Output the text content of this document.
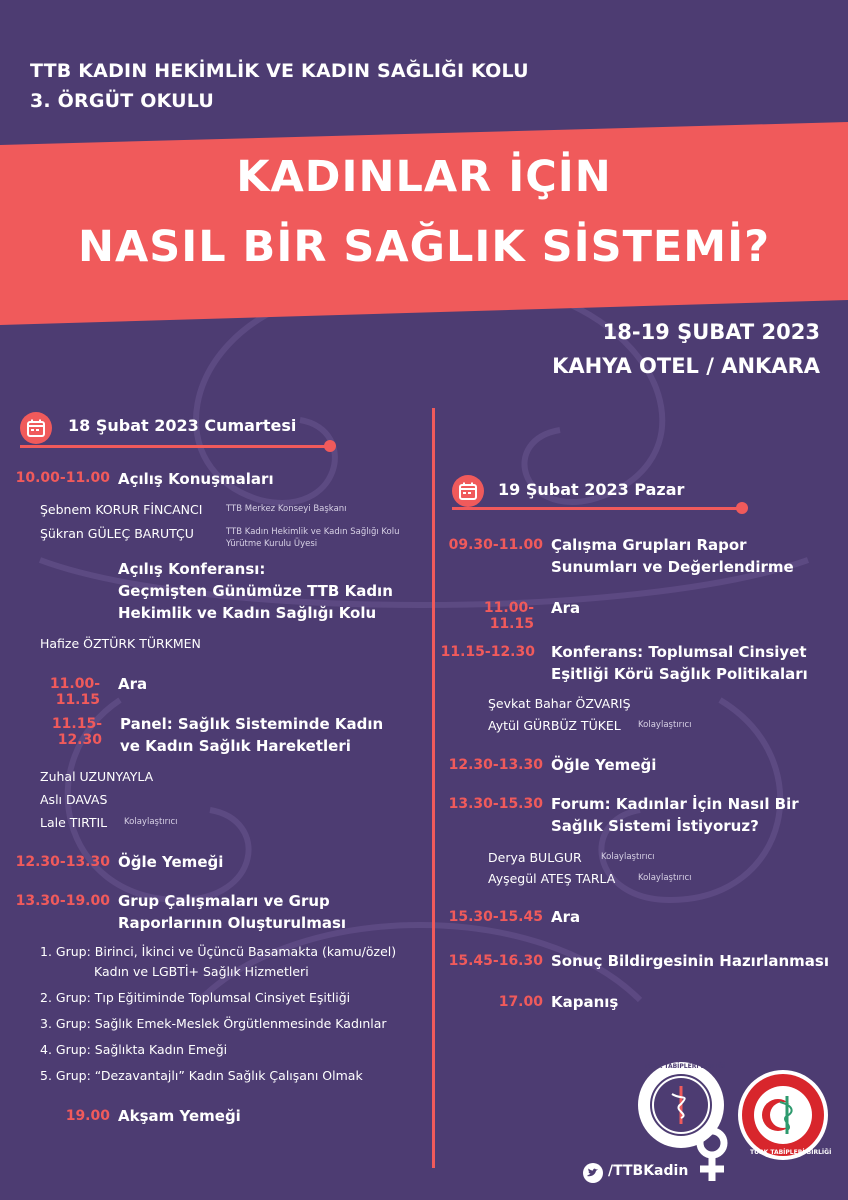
TTB KADIN HEKİMLİK VE KADIN SAĞLIĞI KOLU
3. ÖRGÜT OKULU
KADINLAR İÇİN
NASIL BİR SAĞLIK SİSTEMİ?
18-19 ŞUBAT 2023
KAHYA OTEL / ANKARA
18 Şubat 2023 Cumartesi
10.00-11.00 Açılış Konuşmaları
Şebnem KORUR FİNCANCI	TTB Merkez Konseyi Başkanı
Şükran GÜLEÇ BARUTÇU	TTB Kadın Hekimlik ve Kadın Sağlığı Kolu
Yürütme Kurulu Üyesi
Açılış Konferansı:
Geçmişten Günümüze TTB Kadın
Hekimlik ve Kadın Sağlığı Kolu
Hafize ÖZTÜRK TÜRKMEN
11.00-11.15
Ara
11.15-12.30
Panel: Sağlık Sisteminde Kadın
ve Kadın Sağlık Hareketleri
Zuhal UZUNYAYLA
Aslı DAVAS
Lale TIRTIL Kolaylaştırıcı
12.30-13.30 Öğle Yemeği
13.30-19.00 Grup Çalışmaları ve Grup
Raporlarının Oluşturulması
1. Grup: Birinci, İkinci ve Üçüncü Basamakta (kamu/özel)
Kadın ve LGBTİ+ Sağlık Hizmetleri
2. Grup: Tıp Eğitiminde Toplumsal Cinsiyet Eşitliği
3. Grup: Sağlık Emek-Meslek Örgütlenmesinde Kadınlar
4. Grup: Sağlıkta Kadın Emeği
5. Grup: “Dezavantajlı” Kadın Sağlık Çalışanı Olmak
19.00 Akşam Yemeği
19 Şubat 2023 Pazar
09.30-11.00 Çalışma Grupları Rapor
Sunumları ve Değerlendirme
11.00-11.15
Ara
11.15-12.30 Konferans: Toplumsal Cinsiyet
Eşitliği Körü Sağlık Politikaları
Şevkat Bahar ÖZVARIŞ
Aytül GÜRBÜZ TÜKEL Kolaylaştırıcı
12.30-13.30 Öğle Yemeği
13.30-15.30 Forum: Kadınlar İçin Nasıl Bir
Sağlık Sistemi İstiyoruz?
Derya BULGUR Kolaylaştırıcı
Ayşegül ATEŞ TARLA	Kolaylaştırıcı
15.30-15.45 Ara
15.45-16.30 Sonuç Bildirgesinin Hazırlanması
17.00 Kapanış
TÜRK TABİPLERİ BİRLİĞİ
TÜRK TABİPLERİ BİRLİĞİ
/TTBKadin
